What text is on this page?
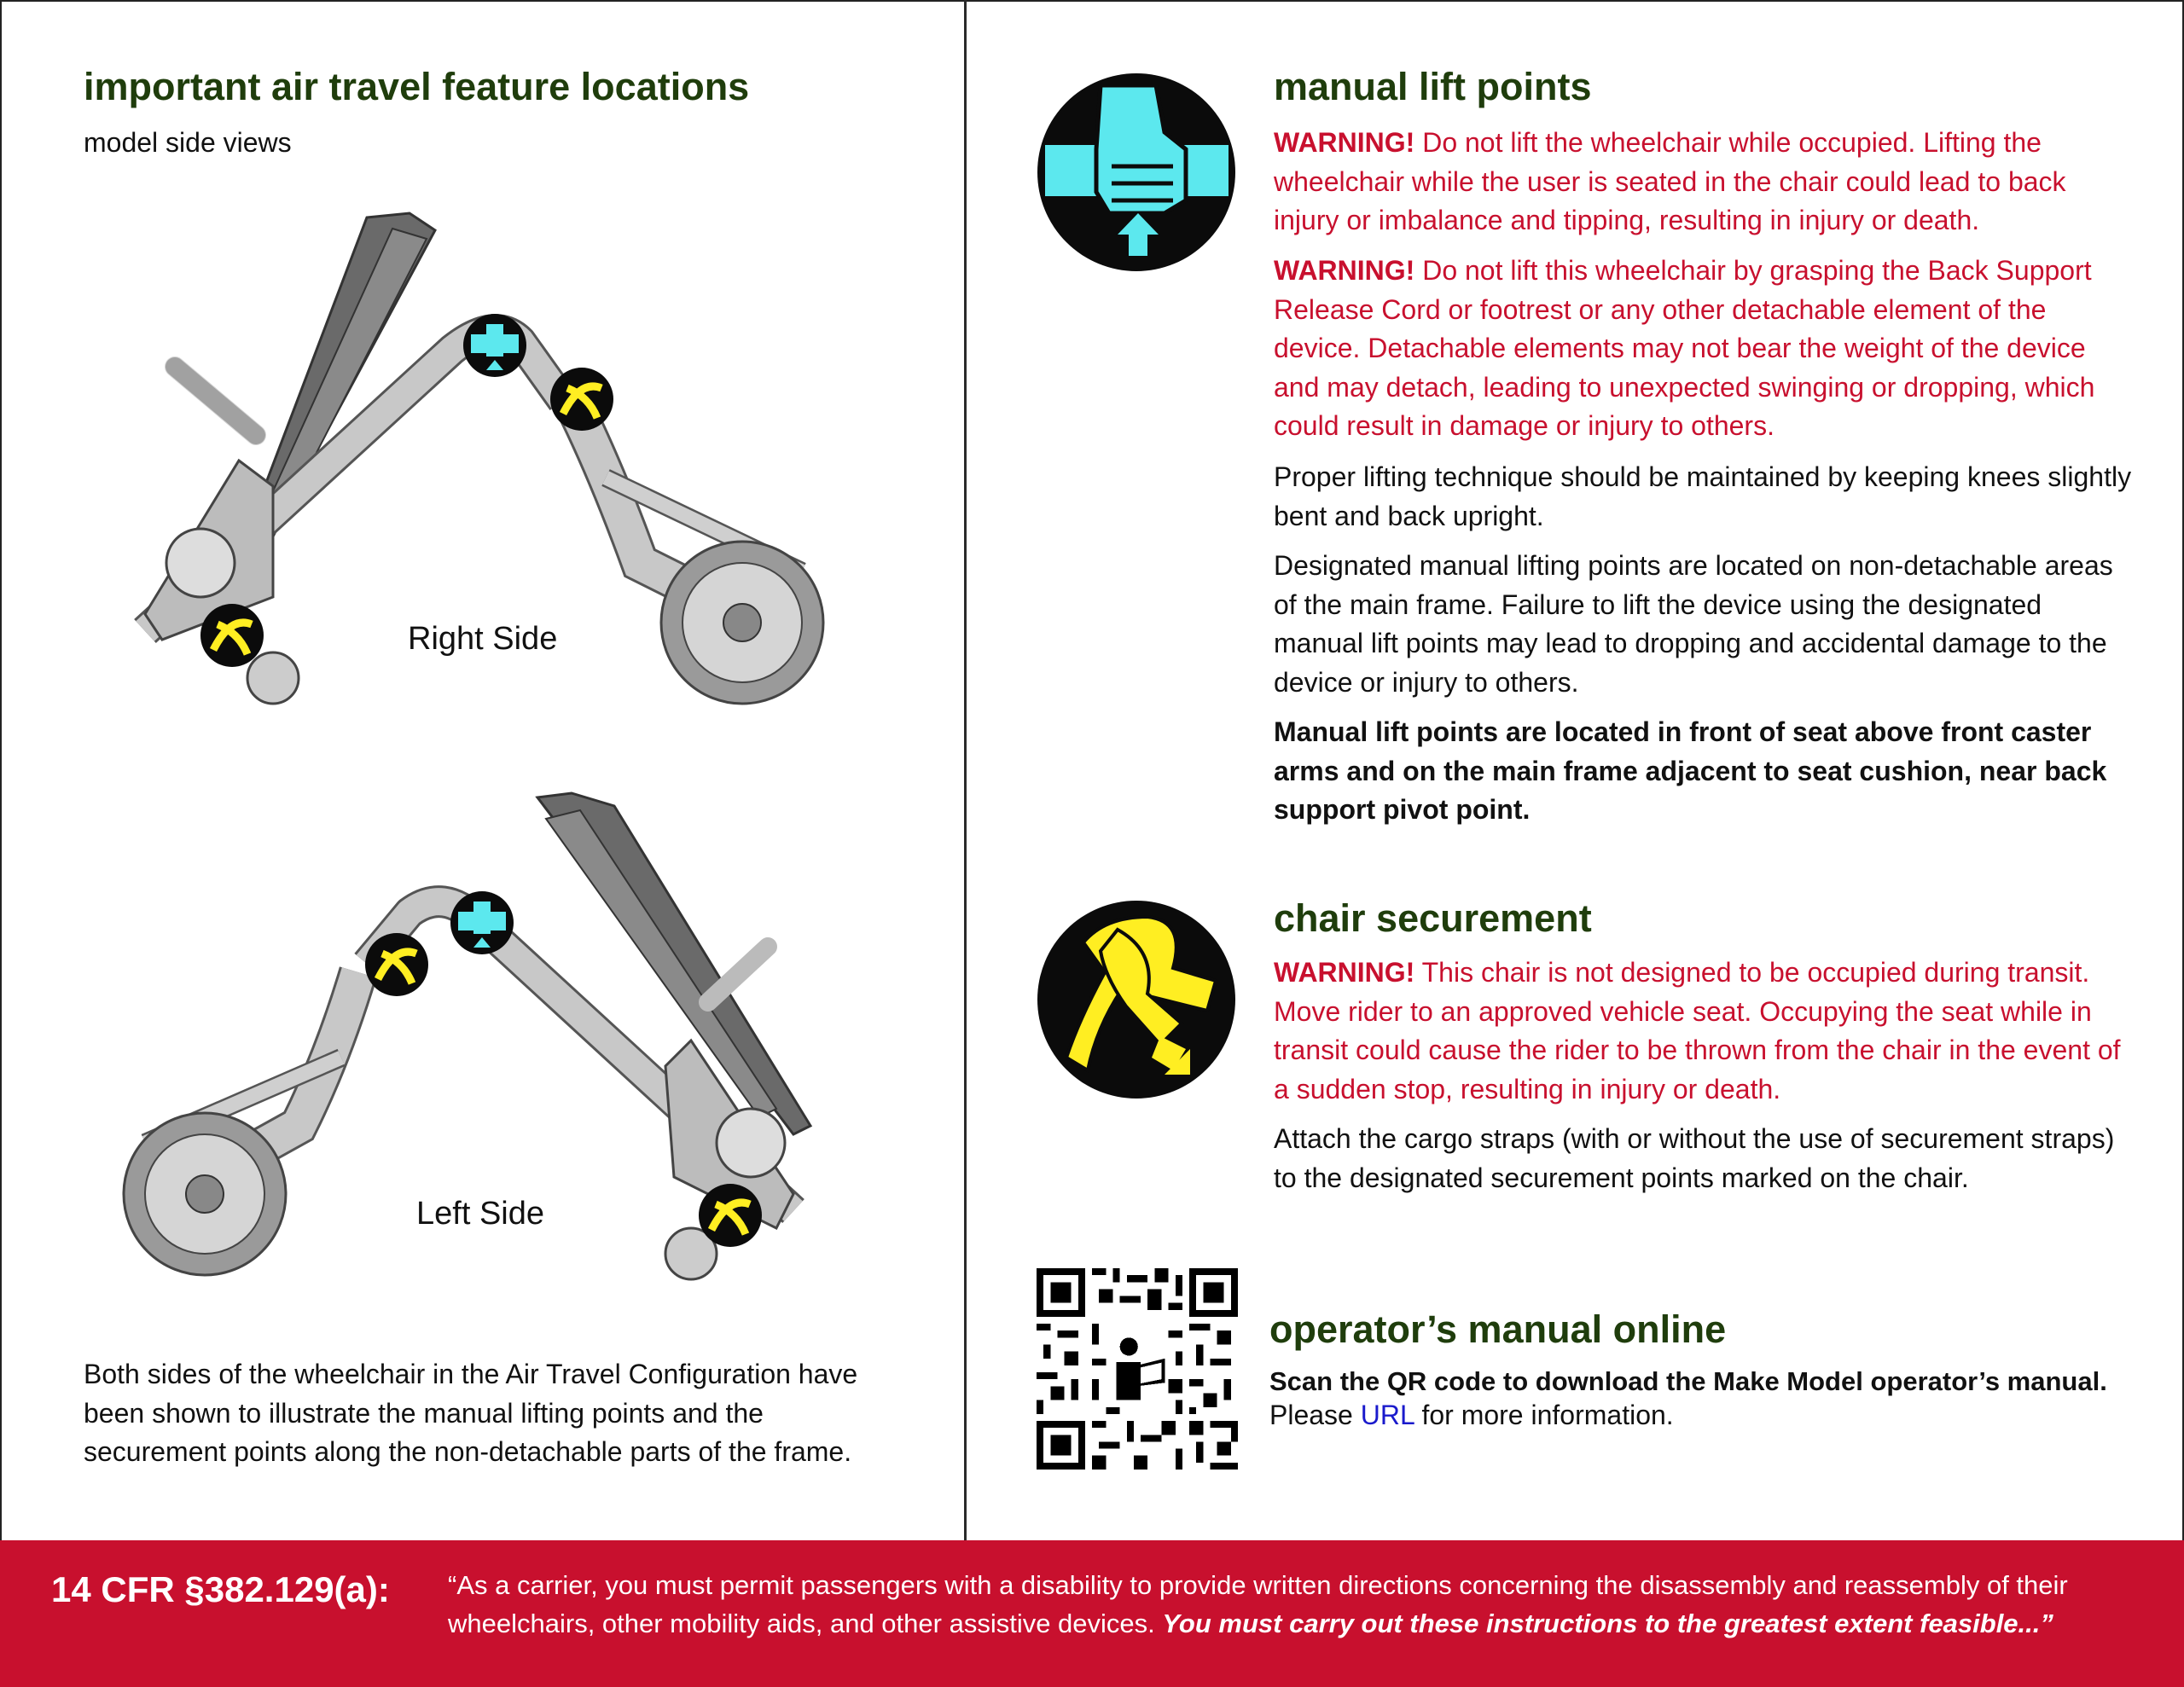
important air travel feature locations

model side views

Right Side
Left Side

Both sides of the wheelchair in the Air Travel Configuration have been shown to illustrate the manual lifting points and the securement points along the non-detachable parts of the frame.

manual lift points

WARNING! Do not lift the wheelchair while occupied. Lifting the wheelchair while the user is seated in the chair could lead to back injury or imbalance and tipping, resulting in injury or death.

WARNING! Do not lift this wheelchair by grasping the Back Support Release Cord or footrest or any other detachable element of the device. Detachable elements may not bear the weight of the device and may detach, leading to unexpected swinging or dropping, which could result in damage or injury to others.

Proper lifting technique should be maintained by keeping knees slightly bent and back upright.

Designated manual lifting points are located on non-detachable areas of the main frame. Failure to lift the device using the designated manual lift points may lead to dropping and accidental damage to the device or injury to others.

Manual lift points are located in front of seat above front caster arms and on the main frame adjacent to seat cushion, near back support pivot point.

chair securement

WARNING! This chair is not designed to be occupied during transit. Move rider to an approved vehicle seat. Occupying the seat while in transit could cause the rider to be thrown from the chair in the event of a sudden stop, resulting in injury or death.

Attach the cargo straps (with or without the use of securement straps) to the designated securement points marked on the chair.

operator’s manual online

Scan the QR code to download the Make Model operator’s manual.

Please URL for more information.

14 CFR §382.129(a): “As a carrier, you must permit passengers with a disability to provide written directions concerning the disassembly and reassembly of their wheelchairs, other mobility aids, and other assistive devices. You must carry out these instructions to the greatest extent feasible...”
